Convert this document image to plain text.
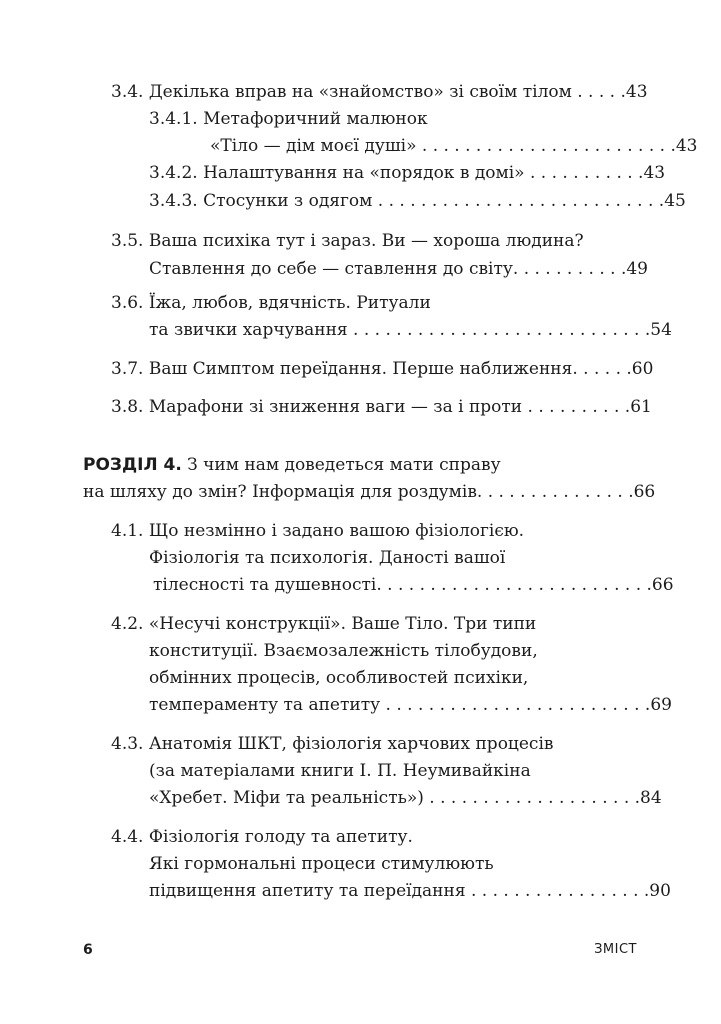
3.4. Декілька вправ на «знайомство» зі своїм тілом . . . . .43
3.4.1. Метафоричний малюнок
«Тіло — дім моєї душі» . . . . . . . . . . . . . . . . . . . . . . . .43
3.4.2. Налаштування на «порядок в домі» . . . . . . . . . . .43
3.4.3. Стосунки з одягом . . . . . . . . . . . . . . . . . . . . . . . . . . .45
3.5. Ваша психіка тут і зараз. Ви — хороша людина?
Ставлення до себе — ставлення до світу. . . . . . . . . . .49
3.6. Їжа, любов, вдячність. Ритуали
та звички харчування . . . . . . . . . . . . . . . . . . . . . . . . . . . .54
3.7. Ваш Симптом переїдання. Перше наближення. . . . . .60
3.8. Марафони зі зниження ваги — за і проти . . . . . . . . . .61
РОЗДІЛ 4. З чим нам доведеться мати справу
на шляху до змін? Інформація для роздумів. . . . . . . . . . . . . . .66
4.1. Що незмінно і задано вашою фізіологією.
Фізіологія та психологія. Даності вашої
тілесності та душевності. . . . . . . . . . . . . . . . . . . . . . . . . .66
4.2. «Несучі конструкції». Ваше Тіло. Три типи
конституції. Взаємозалежність тілобудови,
обмінних процесів, особливостей психіки,
темпераменту та апетиту . . . . . . . . . . . . . . . . . . . . . . . . .69
4.3. Анатомія ШКТ, фізіологія харчових процесів
(за матеріалами книги І. П. Неумивайкіна
«Хребет. Міфи та реальність») . . . . . . . . . . . . . . . . . . . .84
4.4. Фізіологія голоду та апетиту.
Які гормональні процеси стимулюють
підвищення апетиту та переїдання . . . . . . . . . . . . . . . . .90
6	ЗМІСТ
